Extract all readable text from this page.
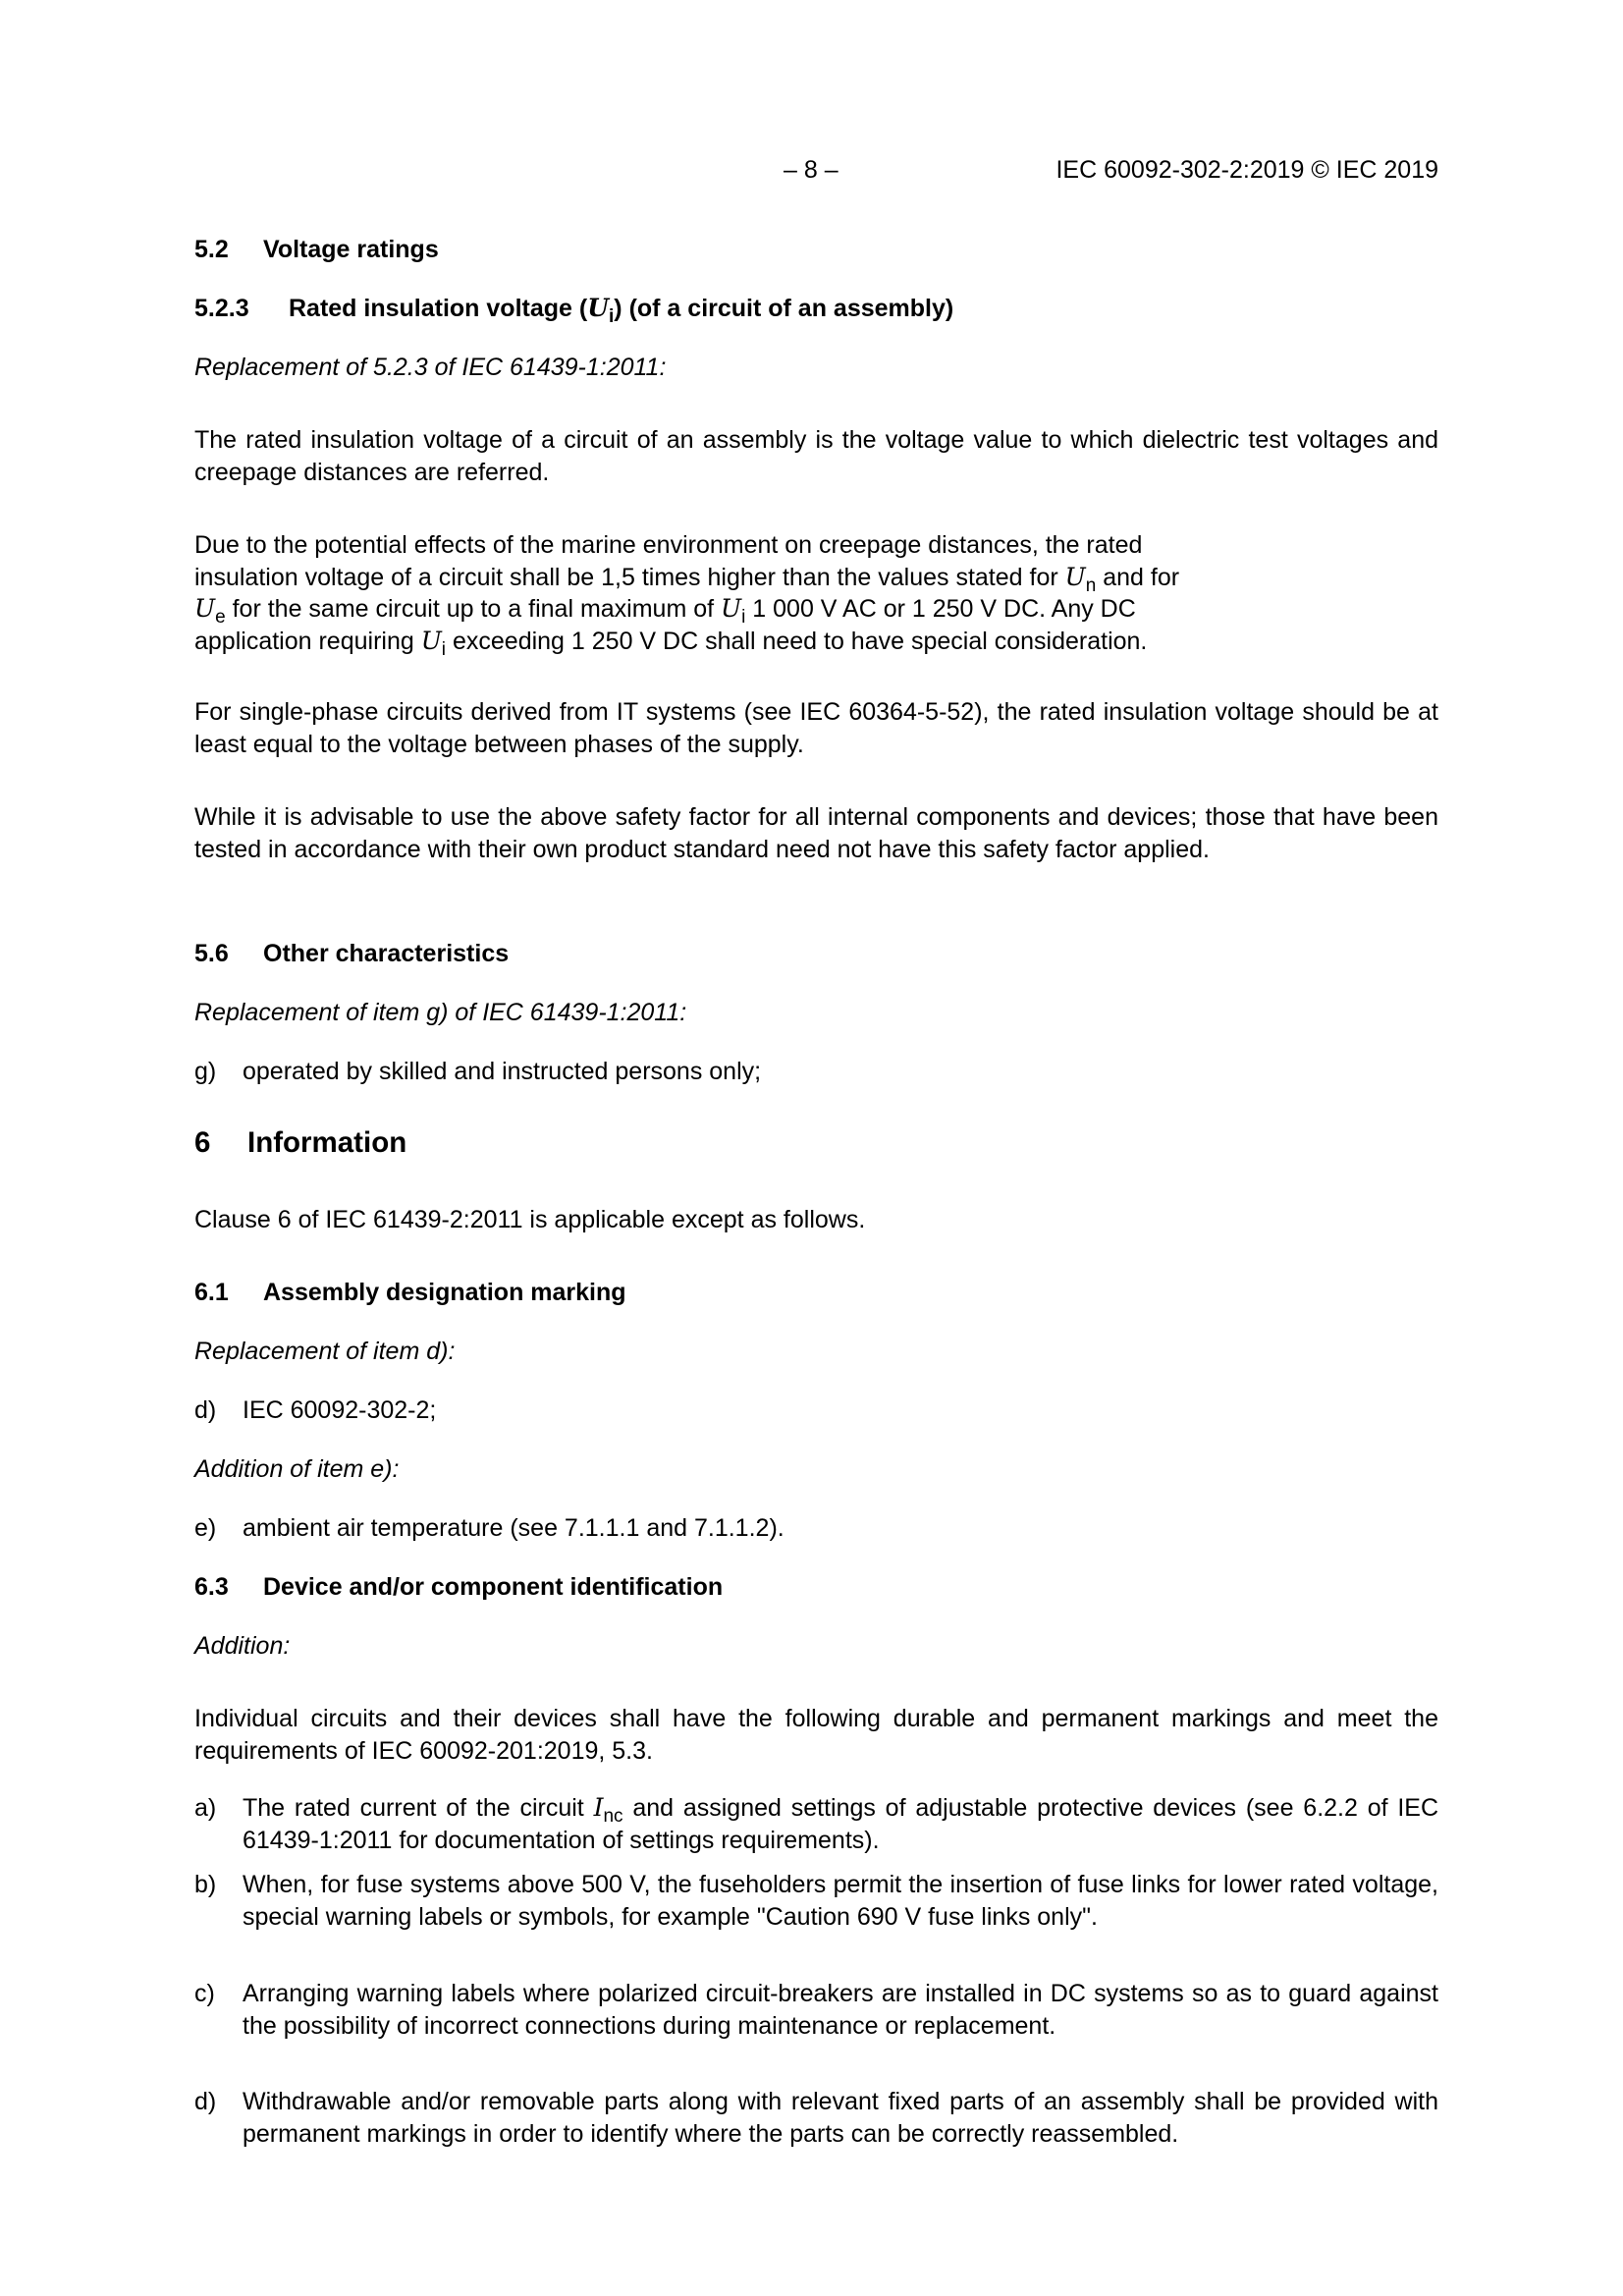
– 8 –	IEC 60092-302-2:2019 © IEC 2019
5.2 Voltage ratings
5.2.3 Rated insulation voltage $(U_i)$ (of a circuit of an assembly)
Replacement of 5.2.3 of IEC 61439-1:2011:
The rated insulation voltage of a circuit of an assembly is the voltage value to which dielectric test voltages and creepage distances are referred.
Due to the potential effects of the marine environment on creepage distances, the rated
insulation voltage of a circuit shall be 1,5 times higher than the values stated for $U_n$ and for
$U_e$ for the same circuit up to a final maximum of $U_i$ 1 000 V AC or 1 250 V DC. Any DC
application requiring $U_i$ exceeding 1 250 V DC shall need to have special consideration.
For single-phase circuits derived from IT systems (see IEC 60364-5-52), the rated insulation voltage should be at least equal to the voltage between phases of the supply.
While it is advisable to use the above safety factor for all internal components and devices; those that have been tested in accordance with their own product standard need not have this safety factor applied.
5.6 Other characteristics
Replacement of item g) of IEC 61439-1:2011:
g)	operated by skilled and instructed persons only;
6 Information
Clause 6 of IEC 61439-2:2011 is applicable except as follows.
6.1 Assembly designation marking
Replacement of item d):
d)	IEC 60092-302-2;
Addition of item e):
e)	ambient air temperature (see 7.1.1.1 and 7.1.1.2).
6.3 Device and/or component identification
Addition:
Individual circuits and their devices shall have the following durable and permanent markings and meet the requirements of IEC 60092-201:2019, 5.3.
a)	The rated current of the circuit $I_{nc}$ and assigned settings of adjustable protective devices (see 6.2.2 of IEC 61439-1:2011 for documentation of settings requirements).
b)	When, for fuse systems above 500 V, the fuseholders permit the insertion of fuse links for lower rated voltage, special warning labels or symbols, for example "Caution 690 V fuse links only".
c)	Arranging warning labels where polarized circuit-breakers are installed in DC systems so as to guard against the possibility of incorrect connections during maintenance or replacement.
d)	Withdrawable and/or removable parts along with relevant fixed parts of an assembly shall be provided with permanent markings in order to identify where the parts can be correctly reassembled.
